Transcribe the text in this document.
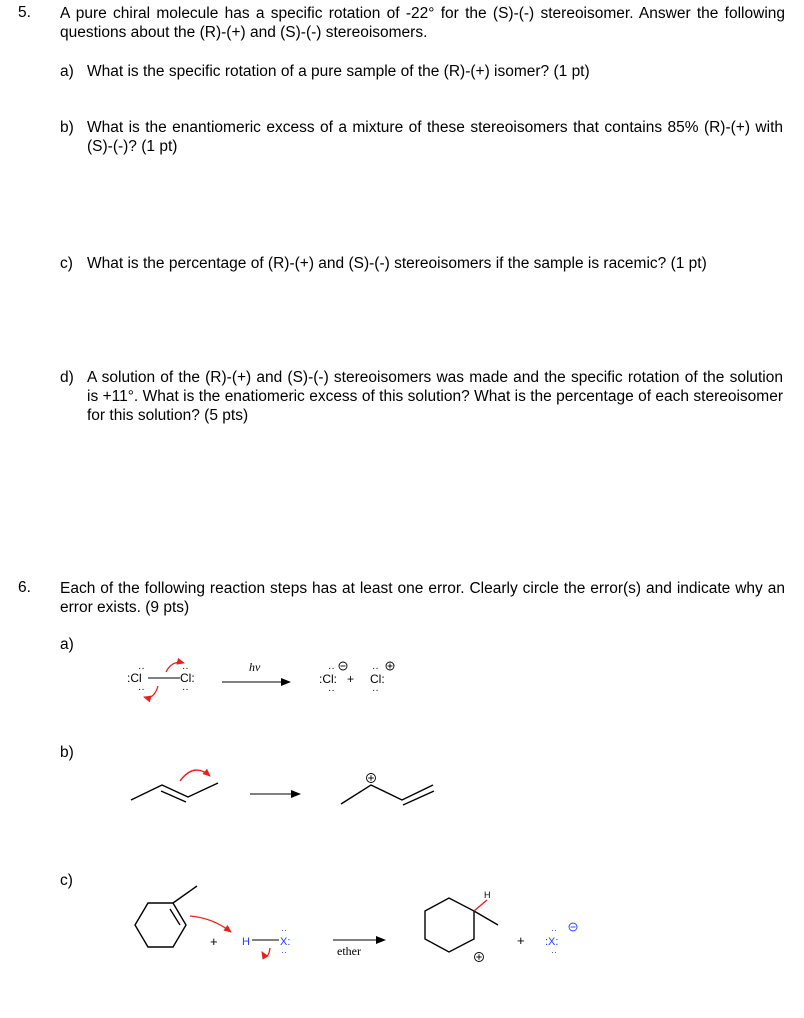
5. A pure chiral molecule has a specific rotation of -22° for the (S)-(-) stereoisomer. Answer the following questions about the (R)-(+) and (S)-(-) stereoisomers.
a) What is the specific rotation of a pure sample of the (R)-(+) isomer? (1 pt)
b) What is the enantiomeric excess of a mixture of these stereoisomers that contains 85% (R)-(+) with (S)-(-)? (1 pt)
c) What is the percentage of (R)-(+) and (S)-(-) stereoisomers if the sample is racemic? (1 pt)
d) A solution of the (R)-(+) and (S)-(-) stereoisomers was made and the specific rotation of the solution is +11°. What is the enatiomeric excess of this solution? What is the percentage of each stereoisomer for this solution? (5 pts)
6. Each of the following reaction steps has at least one error. Clearly circle the error(s) and indicate why an error exists. (9 pts)
a)
b)
c)
:Cl
··
··
Cl:
··
··
hv
:Cl:
··
··
+ Cl:
··
··
+ H	X:
··
··	ether
H
+ :X:
··
··
